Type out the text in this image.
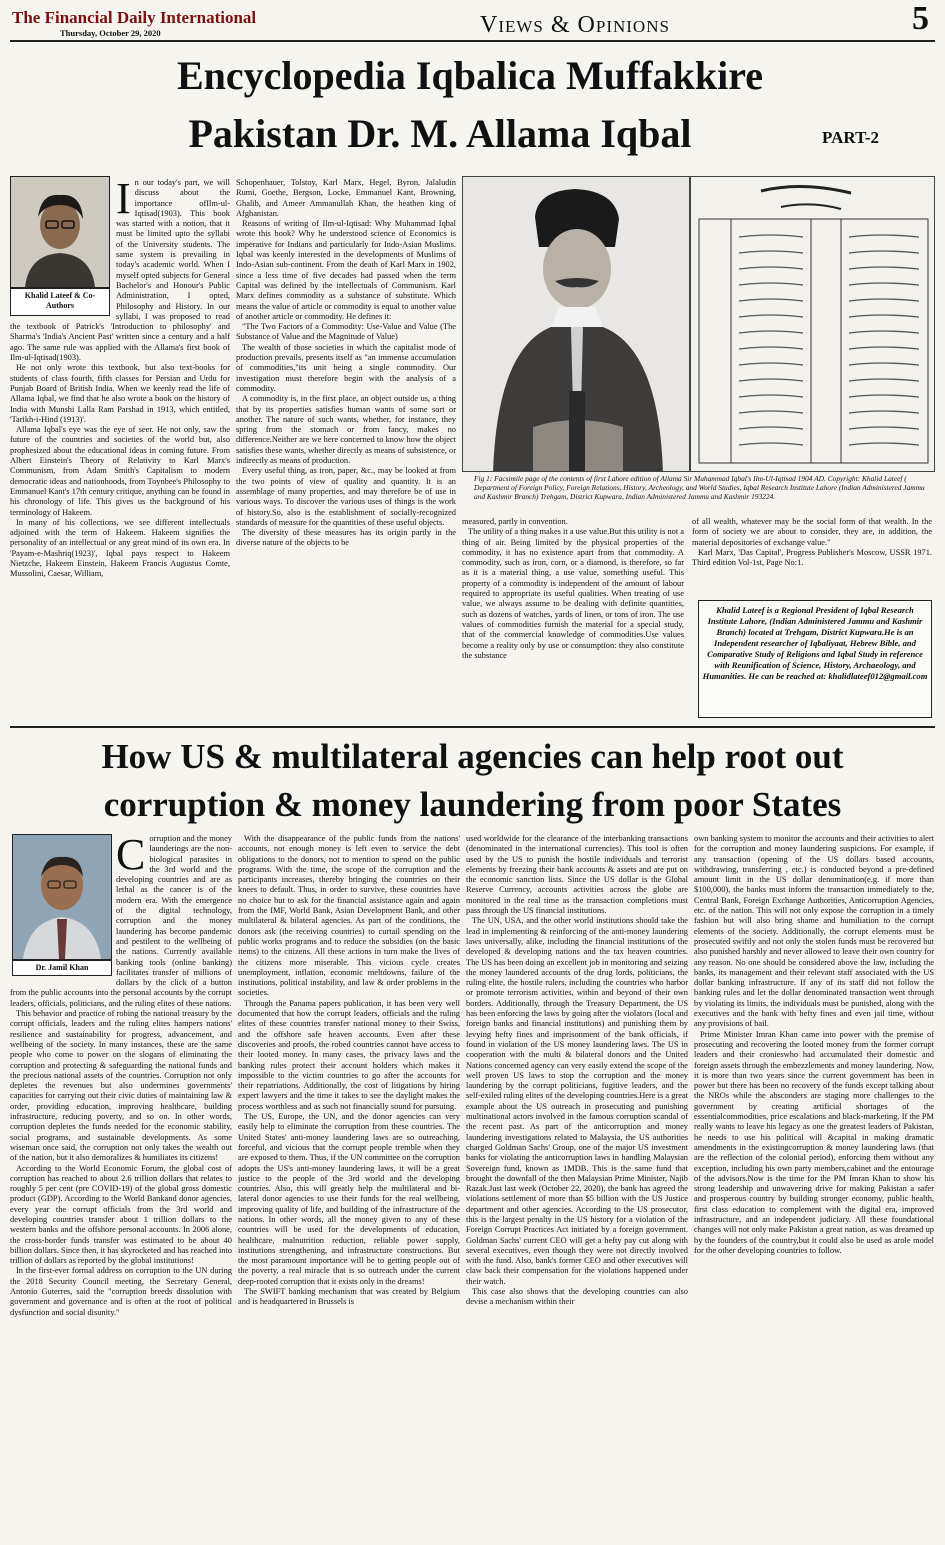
The Financial Daily International
Thursday, October 29, 2020	Views & Opinions	5
Encyclopedia Iqbalica Muffakkire
Pakistan Dr. M. Allama Iqbal	PART-2
Khalid Lateef & Co-Authors
I n our today's part, we will discuss about the importance ofIlm-ul-Iqtisad(1903). This book was started with a notion, that it must be limited upto the syllabi of the University students. The same system is prevailing in today's academic world. When I myself opted subjects for General Bachelor's and Honour's Public Administration, I opted, Philosophy and History. In our syllabi, I was proposed to read the textbook of Patrick's 'Introduction to philosophy' and Sharma's 'India's Ancient Past' written since a century and a half ago. The same rule was applied with the Allama's first book of Ilm-ul-Iqtisad(1903).

He not only wrote this textbook, but also text-books for students of class fourth, fifth classes for Persian and Urdu for Punjab Board of British India. When we keenly read the life of Allama Iqbal, we find that he also wrote a book on the history of India with Munshi Lalla Ram Parshad in 1913, which entitled, 'Tarikh-i-Hind (1913)'.

Allama Iqbal's eye was the eye of seer. He not only, saw the future of the countries and societies of the world but, also prophesized about the educational ideas in coming future. From Albert Einstein's Theory of Relativity to Karl Marx's Communism, from Adam Smith's Capitalism to modern democratic ideas and nationhoods, from Toynbee's Philosophy to Emmanuel Kant's 17th century critique, anything can be found in his chronology of life. This gives us the background of his terminology of Hakeem.

In many of his collections, we see different intellectuals adjoined with the term of Hakeem. Hakeem signifies the personality of an intellectual or any great mind of its own era. In 'Payam-e-Mashriq(1923)', Iqbal pays respect to Hakeem Nietzche, Hakeem Einstein, Hakeem Francis Augustus Comte, Mussolini, Caesar, William,

Schopenhauer, Tolstoy, Karl Marx, Hegel, Byron, Jalaludin Rumi, Goethe, Bergson, Locke, Emmanuel Kant, Browning, Ghalib, and Ameer Ammanullah Khan, the heathen king of Afghanistan.

Reasons of writing of Ilm-ul-Iqtisad: Why Muhammad Iqbal wrote this book? Why he understood science of Economics is imperative for Indians and particularly for Indo-Asian Muslims. Iqbal was keenly interested in the developments of Muslims of Indo-Asian sub-continent. From the death of Karl Marx in 1902, since a less time of five decades had passed when the term Capital was defined by the intellectuals of Communism. Karl Marx defines commodity as a substance of substitute. Which means the value of article or commodity is equal to another value of another article or commodity. He defines it:

"The Two Factors of a Commodity: Use-Value and Value (The Substance of Value and the Magnitude of Value)

The wealth of those societies in which the capitalist mode of production prevails, presents itself as "an immense accumulation of commodities,"its unit being a single commodity. Our investigation must therefore begin with the analysis of a commodity.

A commodity is, in the first place, an object outside us, a thing that by its properties satisfies human wants of some sort or another. The nature of such wants, whether, for instance, they spring from the stomach or from fancy, makes no difference.Neither are we here concerned to know how the object satisfies these wants, whether directly as means of subsistence, or indirectly as means of production.

Every useful thing, as iron, paper, &c., may be looked at from the two points of view of quality and quantity. It is an assemblage of many properties, and may therefore be of use in various ways. To discover the various uses of things is the work of history.So, also is the establishment of socially-recognized standards of measure for the quantities of these useful objects.

The diversity of these measures has its origin partly in the diverse nature of the objects to be

Fig 1: Facsimile page of the contents of first Lahore edition of Allama Sir Muhammad Iqbal's Ilm-Ul-Iqtisad 1904 AD. Copyright: Khalid Lateef ( Department of Foreign Policy, Foreign Relations, History, Archeology, and World Studies, Iqbal Research Institute Lahore (Indian Administered Jammu and Kashmir Branch) Trehgam, District Kupwara, Indian Administered Jammu and Kashmir 193224.

measured, partly in convention.

The utility of a thing makes it a use value.But this utility is not a thing of air. Being limited by the physical properties of the commodity, it has no existence apart from that commodity. A commodity, such as iron, corn, or a diamond, is therefore, so far as it is a material thing, a use value, something useful. This property of a commodity is independent of the amount of labour required to appropriate its useful qualities. When treating of use value, we always assume to be dealing with definite quantities, such as dozens of watches, yards of linen, or tons of iron. The use values of commodities furnish the material for a special study, that of the commercial knowledge of commodities.Use values become a reality only by use or consumption: they also constitute the substance

of all wealth, whatever may be the social form of that wealth. In the form of society we are about to consider, they are, in addition, the material depositories of exchange value."

Karl Marx, 'Das Capital', Progress Publisher's Moscow, USSR 1971. Third edition Vol-1st, Page No:1.

Khalid Lateef is a Regional President of Iqbal Research Institute Lahore, (Indian Administered Jammu and Kashmir Branch) located at Trehgam, District Kupwara.He is an Independent researcher of Iqbaliyaat, Hebrew Bible, and Comparative Study of Religions and Iqbal Study in reference with Reunification of Science, History, Archaeology, and Humanities. He can be reached at: khalidlateef012@gmail.com
How US & multilateral agencies can help root out
corruption & money laundering from poor States
Dr. Jamil Khan
C orruption and the money launderings are the non-biological parasites in the 3rd world and the developing countries and are as lethal as the cancer is of the modern era. With the emergence of the digital technology, corruption and the money laundering has become pandemic and pestilent to the wellbeing of the nations. Currently available banking tools (online banking) facilitates transfer of millions of dollars by the click of a button from the public accounts into the personal accounts by the corrupt leaders, officials, politicians, and the ruling elites of these nations.

This behavior and practice of robing the national treasury by the corrupt officials, leaders and the ruling elites hampers nations' resilience and sustainability for progress, advancement, and wellbeing of the society. In many instances, these are the same people who come to power on the slogans of eliminating the corruption and protecting & safeguarding the national funds and the precious national assets of the countries. Corruption not only depletes the revenues but also undermines governments' capacities for carrying out their civic duties of maintaining law & order, providing education, improving healthcare, building infrastructure, reducing poverty, and so on. In other words, corruption depletes the funds needed for the economic stability, social programs, and sustainable developments. As some wiseman once said, the corruption not only takes the wealth out of the nation, but it also demoralizes & humiliates its citizens!

According to the World Economic Forum, the global cost of corruption has reached to about 2.6 trillion dollars that relates to roughly 5 per cent (pre COVID-19) of the global gross domestic product (GDP). According to the World Bankand donor agencies, every year the corrupt officials from the 3rd world and developing countries transfer about 1 trillion dollars to the western banks and the offshore personal accounts. In 2006 alone, the cross-border funds transfer was estimated to be about 40 billion dollars. Since then, it has skyrocketed and has reached into trillion of dollars as reported by the global institutions!

In the first-ever formal address on corruption to the UN during the 2018 Security Council meeting, the Secretary General, Antonio Guterres, said the "corruption breeds dissolution with government and governance and is often at the root of political dysfunction and social disunity."

With the disappearance of the public funds from the nations' accounts, not enough money is left even to service the debt obligations to the donors, not to mention to spend on the public programs. With the time, the scope of the corruption and the participants increases, thereby bringing the countries on their knees to default. Thus, in order to survive, these countries have no choice but to ask for the financial assistance again and again from the IMF, World Bank, Asian Development Bank, and other multilateral & bilateral agencies. As part of the conditions, the donors ask (the receiving countries) to curtail spending on the public works programs and to reduce the subsidies (on the basic items) to the citizens. All these actions in turn make the lives of the citizens more miserable. This vicious cycle creates unemployment, inflation, economic meltdowns, failure of the institutions, political instability, and law & order problems in the societies.

Through the Panama papers publication, it has been very well documented that how the corrupt leaders, officials and the ruling elites of these countries transfer national money to their Swiss, and the offshore safe heaven accounts. Even after these discoveries and proofs, the robed countries cannot have access to their looted money. In many cases, the privacy laws and the banking rules protect their account holders which makes it impossible to the victim countries to go after the accounts for their repatriations. Additionally, the cost of litigations by hiring expert lawyers and the time it takes to see the daylight makes the process worthless and as such not financially sound for pursuing.

The US, Europe, the UN, and the donor agencies can very easily help to eliminate the corruption from these countries. The United States' anti-money laundering laws are so outreaching, forceful, and vicious that the corrupt people tremble when they are exposed to them. Thus, if the UN committee on the corruption adopts the US's anti-money laundering laws, it will be a great justice to the people of the 3rd world and the developing countries. Also, this will greatly help the multilateral and bi-lateral donor agencies to use their funds for the real wellbeing, improving quality of life, and building of the infrastructure of the nations. In other words, all the money given to any of these countries will be used for the developments of education, healthcare, malnutrition reduction, reliable power supply, institutions strengthening, and infrastructure constructions. But the most paramount importance will be to getting people out of the poverty, a real miracle that is so outreach under the current deep-rooted corruption that it exists only in the dreams!

The SWIFT banking mechanism that was created by Belgium and is headquartered in Brussels is

used worldwide for the clearance of the interbanking transactions (denominated in the international currencies). This tool is often used by the US to punish the hostile individuals and terrorist elements by freezing their bank accounts & assets and are put on the economic sanction lists. Since the US dollar is the Global Reserve Currency, accounts activities across the globe are monitored in the real time as the transaction completions must pass through the US financial institutions.

The UN, USA, and the other world institutions should take the lead in implementing & reinforcing of the anti-money laundering laws universally, alike, including the financial institutions of the developed & developing nations and the tax heaven countries. The US has been doing an excellent job in monitoring and seizing the money laundered accounts of the drug lords, politicians, the ruling elite, the hostile rulers, including the countries who harbor or promote terrorism activities, within and beyond of their own borders. Additionally, through the Treasury Department, the US has been enforcing the laws by going after the violators (local and foreign banks and financial institutions) and punishing them by levying hefty fines and imprisonment of the bank officials, if found in violation of the US money laundering laws. The US in cooperation with the multi & bilateral donors and the United Nations concerned agency can very easily extend the scope of the well proven US laws to stop the corruption and the money laundering by the corrupt politicians, fugitive leaders, and the self-exiled ruling elites of the developing countries.Here is a great example about the US outreach in prosecuting and punishing multinational actors involved in the famous corruption scandal of the recent past. As part of the anticorruption and money laundering investigations related to Malaysia, the US authorities charged Goldman Sachs' Group, one of the major US investment banks for violating the anticorruption laws in handling Malaysian Sovereign fund, known as 1MDB. This is the same fund that brought the downfall of the then Malaysian Prime Minister, Najib Razak.Just last week (October 22, 2020), the bank has agreed the violations settlement of more than $5 billion with the US Justice department and other agencies. According to the US prosecutor, this is the largest penalty in the US history for a violation of the Foreign Corrupt Practices Act initiated by a foreign government. Goldman Sachs' current CEO will get a hefty pay cut along with several executives, even though they were not directly involved with the fund. Also, bank's former CEO and other executives will claw back their compensation for the violations happened under their watch.

This case also shows that the developing countries can also devise a mechanism within their

own banking system to monitor the accounts and their activities to alert for the corruption and money laundering suspicions. For example, if any transaction (opening of the US dollars based accounts, withdrawing, transferring , etc.) is conducted beyond a pre-defined amount limit in the US dollar denomination(e.g. if more than $100,000), the banks must inform the transaction immediately to the, Central Bank, Foreign Exchange Authorities, Anticorruption Agencies, etc. of the nation. This will not only expose the corruption in a timely fashion but will also bring shame and humiliation to the corrupt elements of the society. Additionally, the corrupt elements must be prosecuted swiftly and not only the stolen funds must be recovered but also punished harshly and never allowed to leave their own country for any reason. No one should be considered above the law, including the banks, its management and their relevant staff associated with the US dollar banking infrastructure. If any of its staff did not follow the banking rules and let the dollar denominated transaction went through by violating its limits, the individuals must be punished, along with the executives and the bank with hefty fines and even jail time, without any provisions of bail.

Prime Minister Imran Khan came into power with the premise of prosecuting and recovering the looted money from the former corrupt leaders and their cronieswho had accumulated their domestic and foreign assets through the embezzlements and money laundering. Now, it is more than two years since the current government has been in power but there has been no recovery of the funds except talking about the NROs while the absconders are staging more challenges to the government by creating artificial shortages of the essentialcommodities, price escalations and black-marketing. If the PM really wants to leave his legacy as one the greatest leaders of Pakistan, he needs to use his political will &capital in making dramatic amendments in the existingcorruption & money laundering laws (that are the reflection of the colonial period), enforcing them without any exception, including his own party members,cabinet and the entourage of the advisors.Now is the time for the PM Imran Khan to show his strong leadership and unwavering drive for making Pakistan a safer and prosperous country by building stronger economy, public health, first class education to complement with the digital era, improved infrastructure, and an independent judiciary. All these foundational changes will not only make Pakistan a great nation, as was dreamed up by the founders of the country,but it could also be used as arole model for the other developing countries to follow.
